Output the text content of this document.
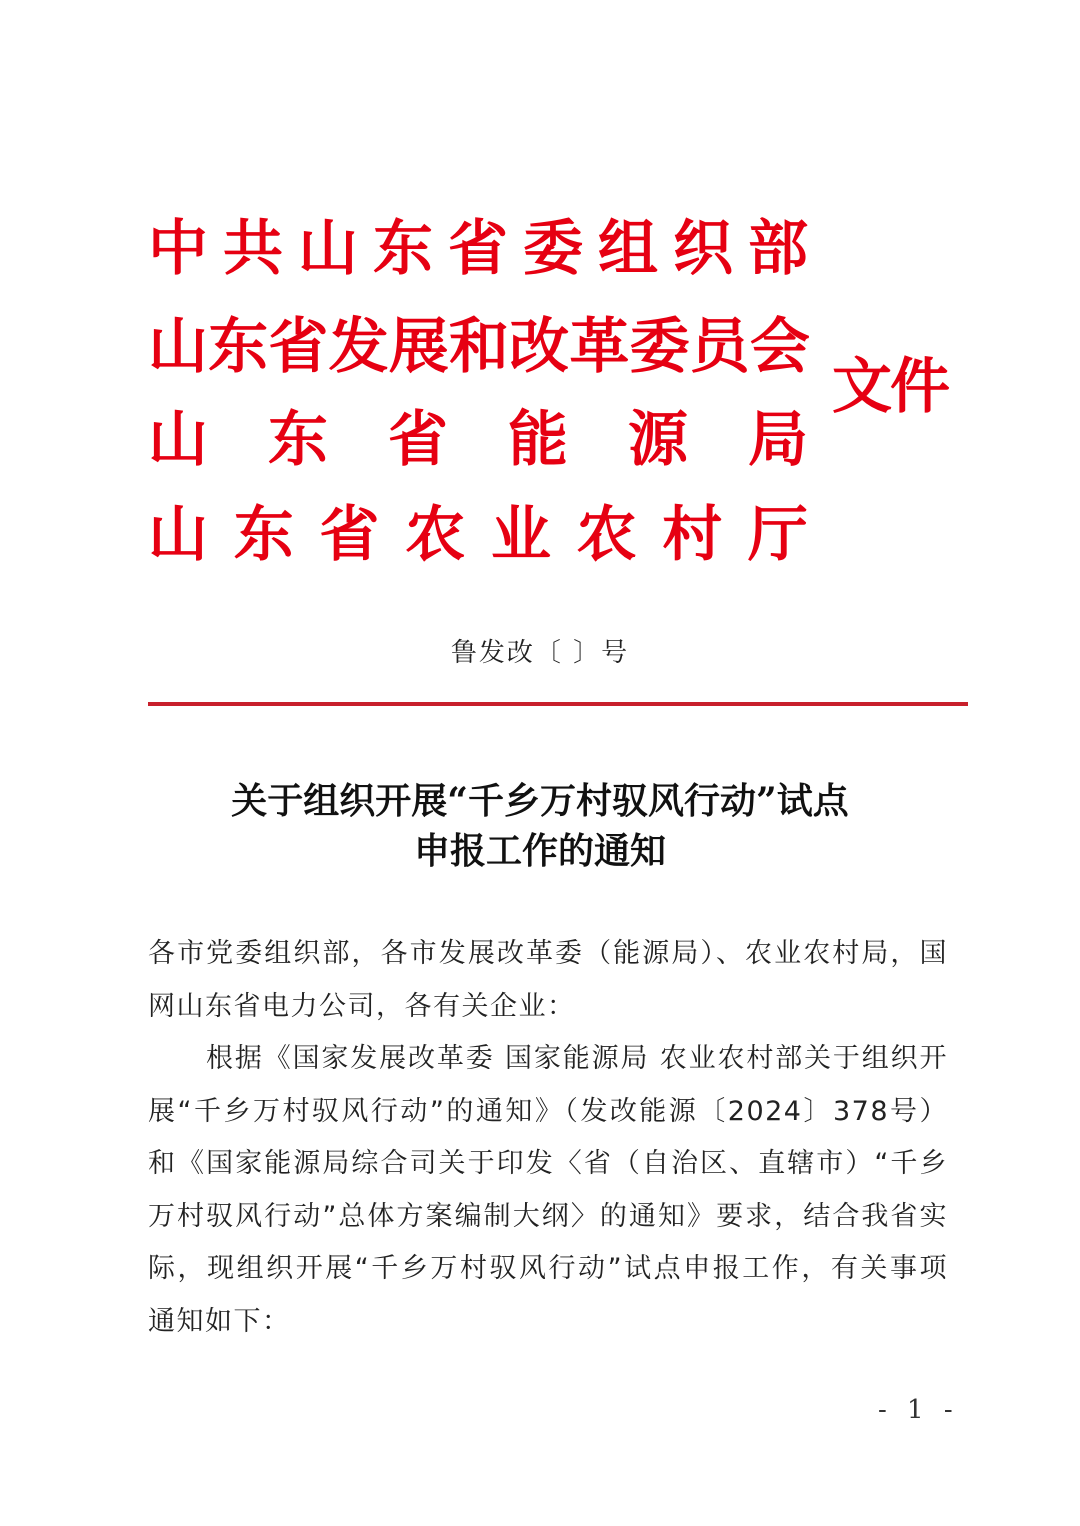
中 共 山 东 省 委 组 织 部
山 东 省 发 展 和 改 革 委 员 会
山 东 省 能 源 局
山 东 省 农 业 农 村 厅
文件
鲁发改〔 〕号
关于组织开展“千乡万村驭风行动”试点
申报工作的通知

各市党委组织部，各市发展改革委（能源局）、农业农村局，国网山东省电力公司，各有关企业：

根据《国家发展改革委 国家能源局 农业农村部关于组织开展“千乡万村驭风行动”的通知》（发改能源〔2024〕378号）和《国家能源局综合司关于印发〈省（自治区、直辖市）“千乡万村驭风行动”总体方案编制大纲〉的通知》要求，结合我省实际，现组织开展“千乡万村驭风行动”试点申报工作，有关事项通知如下：

- 1 -
